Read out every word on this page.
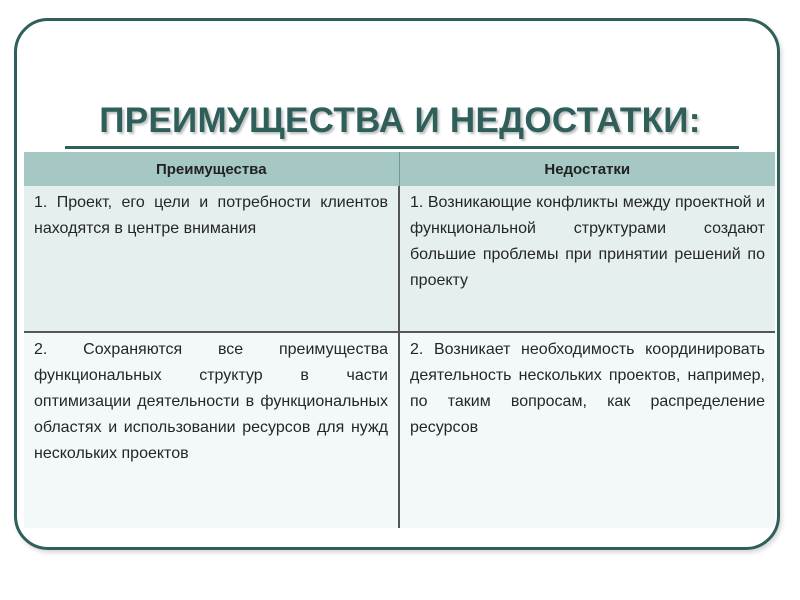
ПРЕИМУЩЕСТВА И НЕДОСТАТКИ:
Преимущества	Недостатки
1. Проект, его цели и потребности клиентов находятся в центре внимания	1. Возникающие конфликты между проектной и функциональной структурами создают большие проблемы при принятии решений по проекту
2. Сохраняются все преимущества функциональных структур в части оптимизации деятельности в функциональных областях и использовании ресурсов для нужд нескольких проектов	2. Возникает необходимость координировать деятельность нескольких проектов, например, по таким вопросам, как распределение ресурсов
